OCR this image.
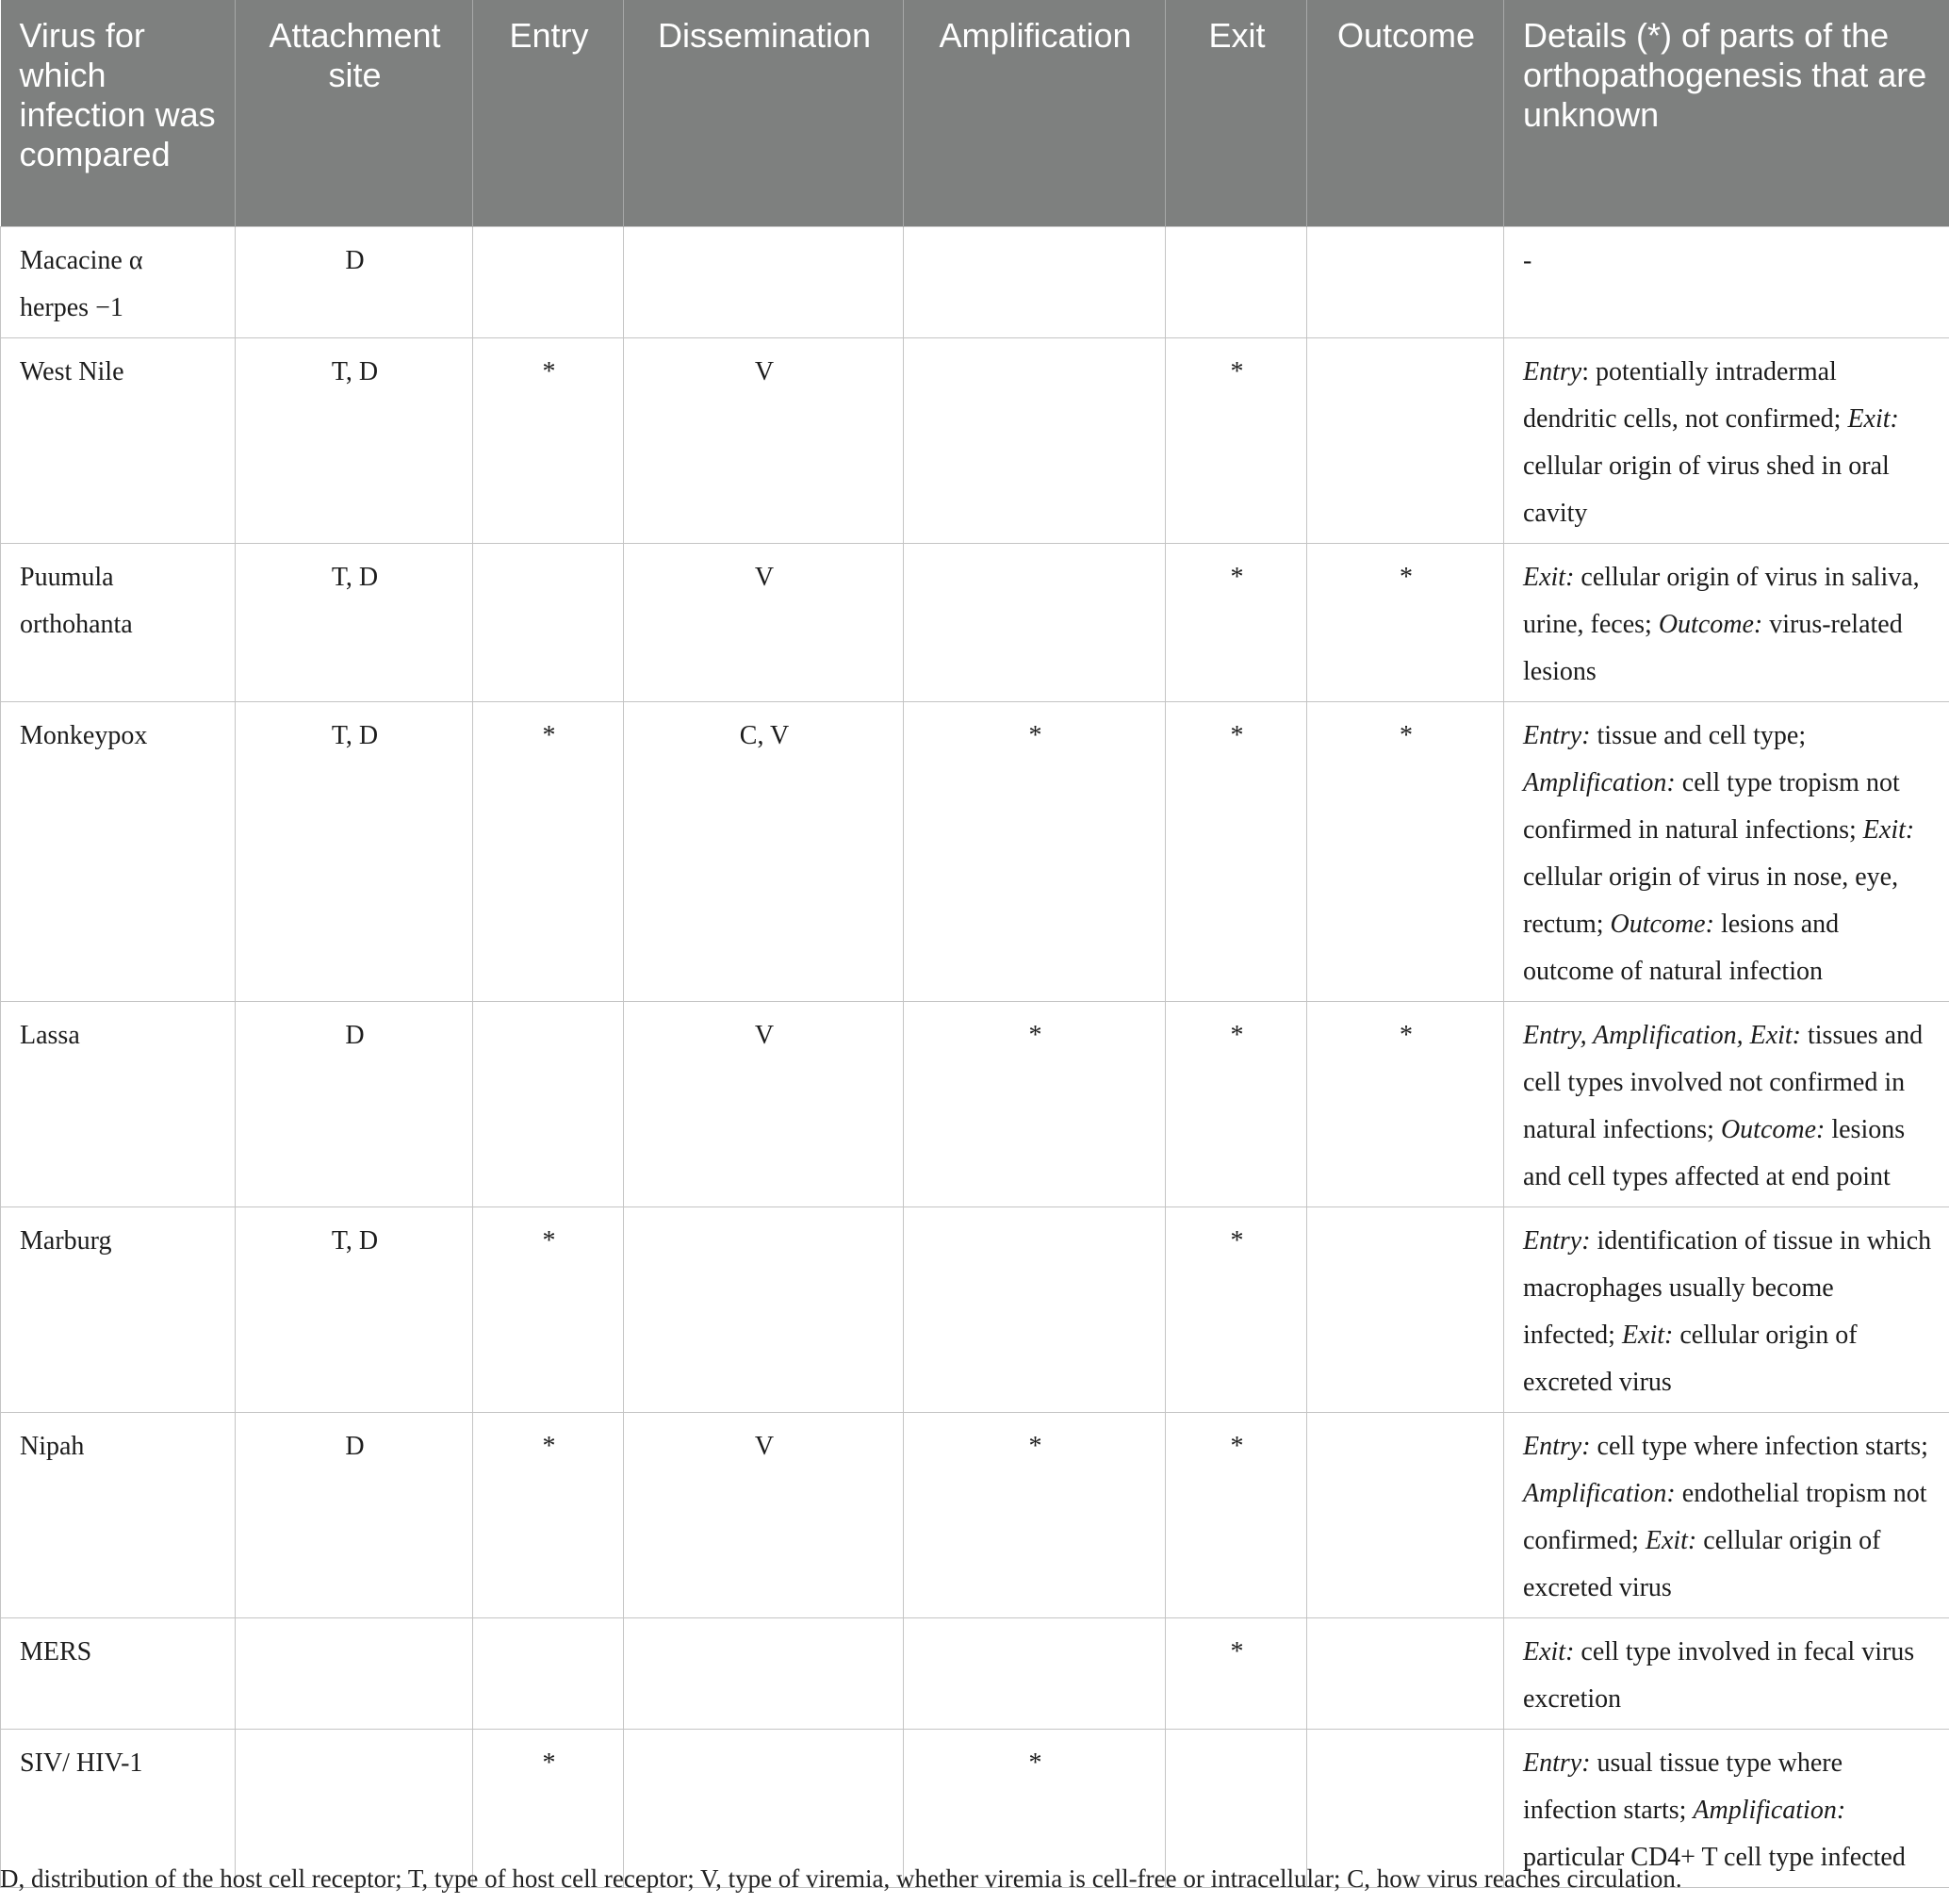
Virus for which infection was compared	Attachment site	Entry	Dissemination	Amplification	Exit	Outcome	Details (*) of parts of the orthopathogenesis that are unknown
Macacine α herpes −1	D						-
West Nile	T, D	*	V		*		Entry: potentially intradermal dendritic cells, not confirmed; Exit: cellular origin of virus shed in oral cavity
Puumula orthohanta	T, D		V		*	*	Exit: cellular origin of virus in saliva, urine, feces; Outcome: virus-related lesions
Monkeypox	T, D	*	C, V	*	*	*	Entry: tissue and cell type; Amplification: cell type tropism not confirmed in natural infections; Exit: cellular origin of virus in nose, eye, rectum; Outcome: lesions and outcome of natural infection
Lassa	D		V	*	*	*	Entry, Amplification, Exit: tissues and cell types involved not confirmed in natural infections; Outcome: lesions and cell types affected at end point
Marburg	T, D	*			*		Entry: identification of tissue in which macrophages usually become infected; Exit: cellular origin of excreted virus
Nipah	D	*	V	*	*		Entry: cell type where infection starts; Amplification: endothelial tropism not confirmed; Exit: cellular origin of excreted virus
MERS					*		Exit: cell type involved in fecal virus excretion
SIV/ HIV-1		*		*			Entry: usual tissue type where infection starts; Amplification: particular CD4+ T cell type infected
D, distribution of the host cell receptor; T, type of host cell receptor; V, type of viremia, whether viremia is cell-free or intracellular; C, how virus reaches circulation.
